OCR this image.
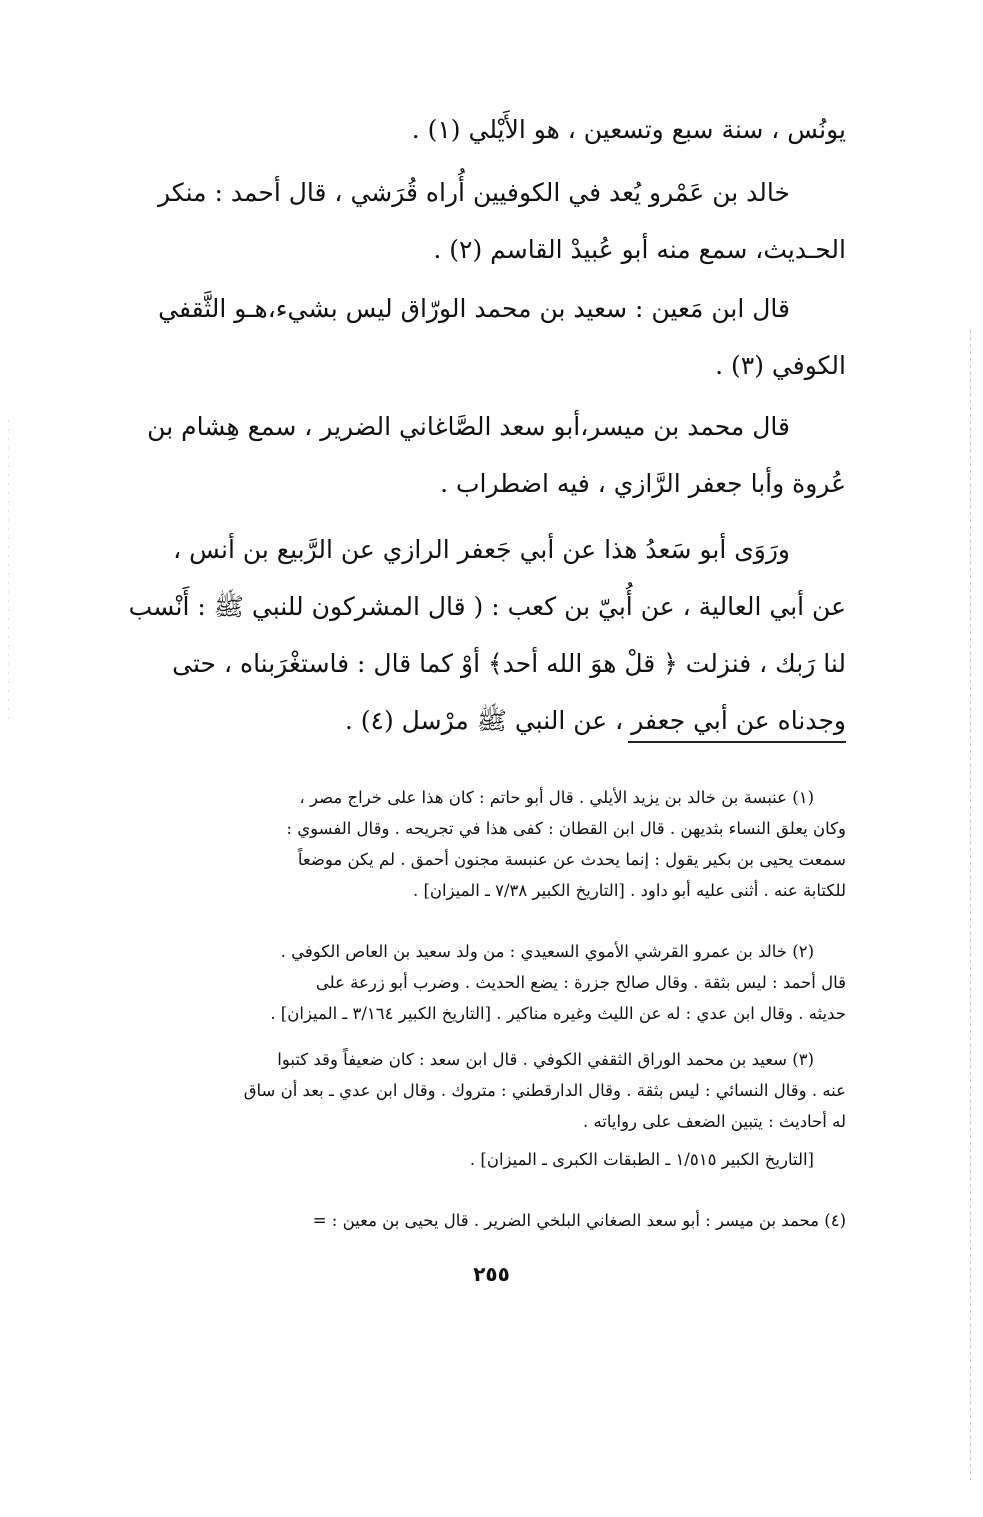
يونُس ، سنة سبع وتسعين ، هو الأَيْلي (١) .
خالد بن عَمْرو يُعد في الكوفيين أُراه قُرَشي ، قال أحمد : منكر
الحـديث، سمع منه أبو عُبيدْ القاسم (٢) .
قال ابن مَعين : سعيد بن محمد الورّاق ليس بشيء،هـو الثَّقفي
الكوفي (٣) .
قال محمد بن ميسر،أبو سعد الصَّاغاني الضرير ، سمع هِشام بن
عُروة وأبا جعفر الرَّازي ، فيه اضطراب .
ورَوَى أبو سَعدُ هذا عن أبي جَعفر الرازي عن الرَّبيع بن أنس ،
عن أبي العالية ، عن أُبيّ بن كعب : ( قال المشركون للنبي ﷺ : أَنْسب
لنا رَبك ، فنزلت ﴿ قلْ هوَ الله أحد﴾ أوْ كما قال : فاستغْرَبناه ، حتى
وجدناه عن أبي جعفر ، عن النبي ﷺ مرْسل (٤) .
(١) عنبسة بن خالد بن يزيد الأيلي . قال أبو حاتم : كان هذا على خراج مصر ،
وكان يعلق النساء بثديهن . قال ابن القطان : كفى هذا في تجريحه . وقال الفسوي :
سمعت يحيى بن بكير يقول : إنما يحدث عن عنبسة مجنون أحمق . لم يكن موضعاً
للكتابة عنه . أثنى عليه أبو داود . [التاريخ الكبير ٧/٣٨ ـ الميزان] .
(٢) خالد بن عمرو القرشي الأموي السعيدي : من ولد سعيد بن العاص الكوفي .
قال أحمد : ليس بثقة . وقال صالح جزرة : يضع الحديث . وضرب أبو زرعة على
حديثه . وقال ابن عدي : له عن الليث وغيره مناكير . [التاريخ الكبير ٣/١٦٤ ـ الميزان] .
(٣) سعيد بن محمد الوراق الثقفي الكوفي . قال ابن سعد : كان ضعيفاً وقد كتبوا
عنه . وقال النسائي : ليس بثقة . وقال الدارقطني : متروك . وقال ابن عدي ـ بعد أن ساق
له أحاديث : يتبين الضعف على رواياته .
[التاريخ الكبير ١/٥١٥ ـ الطبقات الكبرى ـ الميزان] .
(٤) محمد بن ميسر : أبو سعد الصغاني البلخي الضرير . قال يحيى بن معين : =
٢٥٥
